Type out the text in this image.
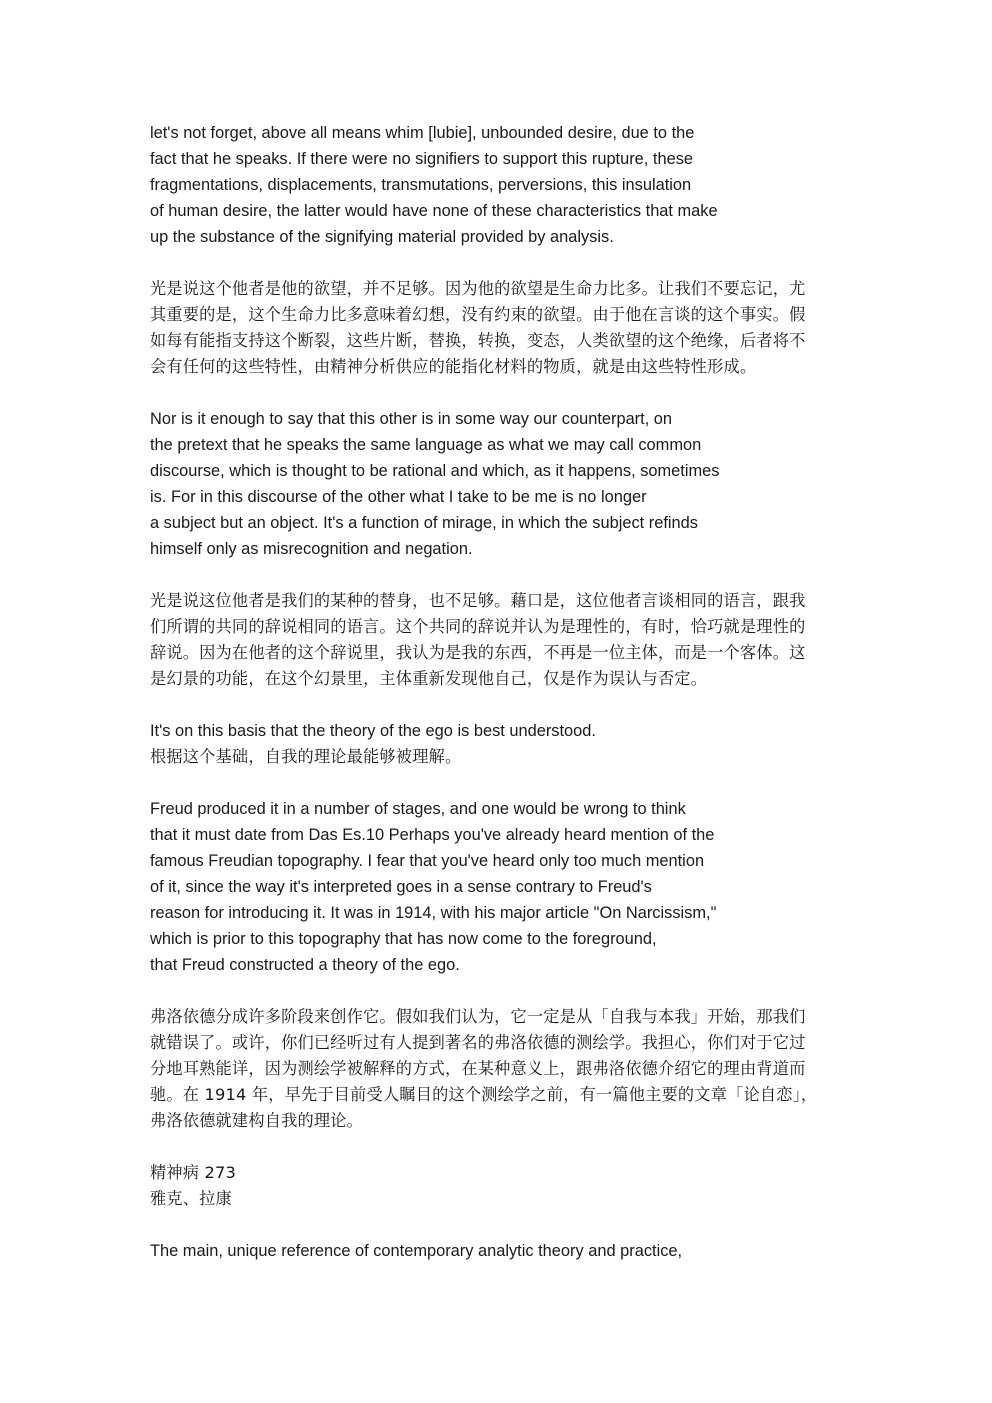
let's not forget, above all means whim [lubie], unbounded desire, due to the
fact that he speaks. If there were no signifiers to support this rupture, these
fragmentations, displacements, transmutations, perversions, this insulation
of human desire, the latter would have none of these characteristics that make
up the substance of the signifying material provided by analysis.
光是说这个他者是他的欲望，并不足够。因为他的欲望是生命力比多。让我们不要忘记，尤
其重要的是，这个生命力比多意味着幻想，没有约束的欲望。由于他在言谈的这个事实。假
如每有能指支持这个断裂，这些片断，替换，转换，变态，人类欲望的这个绝缘，后者将不
会有任何的这些特性，由精神分析供应的能指化材料的物质，就是由这些特性形成。
Nor is it enough to say that this other is in some way our counterpart, on
the pretext that he speaks the same language as what we may call common
discourse, which is thought to be rational and which, as it happens, sometimes
is. For in this discourse of the other what I take to be me is no longer
a subject but an object. It's a function of mirage, in which the subject refinds
himself only as misrecognition and negation.
光是说这位他者是我们的某种的替身，也不足够。藉口是，这位他者言谈相同的语言，跟我
们所谓的共同的辞说相同的语言。这个共同的辞说并认为是理性的，有时，恰巧就是理性的
辞说。因为在他者的这个辞说里，我认为是我的东西，不再是一位主体，而是一个客体。这
是幻景的功能，在这个幻景里，主体重新发现他自己，仅是作为误认与否定。
It's on this basis that the theory of the ego is best understood.
根据这个基础，自我的理论最能够被理解。
Freud produced it in a number of stages, and one would be wrong to think
that it must date from Das Es.10 Perhaps you've already heard mention of the
famous Freudian topography. I fear that you've heard only too much mention
of it, since the way it's interpreted goes in a sense contrary to Freud's
reason for introducing it. It was in 1914, with his major article "On Narcissism,"
which is prior to this topography that has now come to the foreground,
that Freud constructed a theory of the ego.
弗洛依德分成许多阶段来创作它。假如我们认为，它一定是从「自我与本我」开始，那我们
就错误了。或许，你们已经听过有人提到著名的弗洛依德的测绘学。我担心，你们对于它过
分地耳熟能详，因为测绘学被解释的方式，在某种意义上，跟弗洛依德介绍它的理由背道而
驰。在 1914 年，早先于目前受人瞩目的这个测绘学之前，有一篇他主要的文章「论自恋」，
弗洛依德就建构自我的理论。
精神病 273
雅克、拉康
The main, unique reference of contemporary analytic theory and practice,
